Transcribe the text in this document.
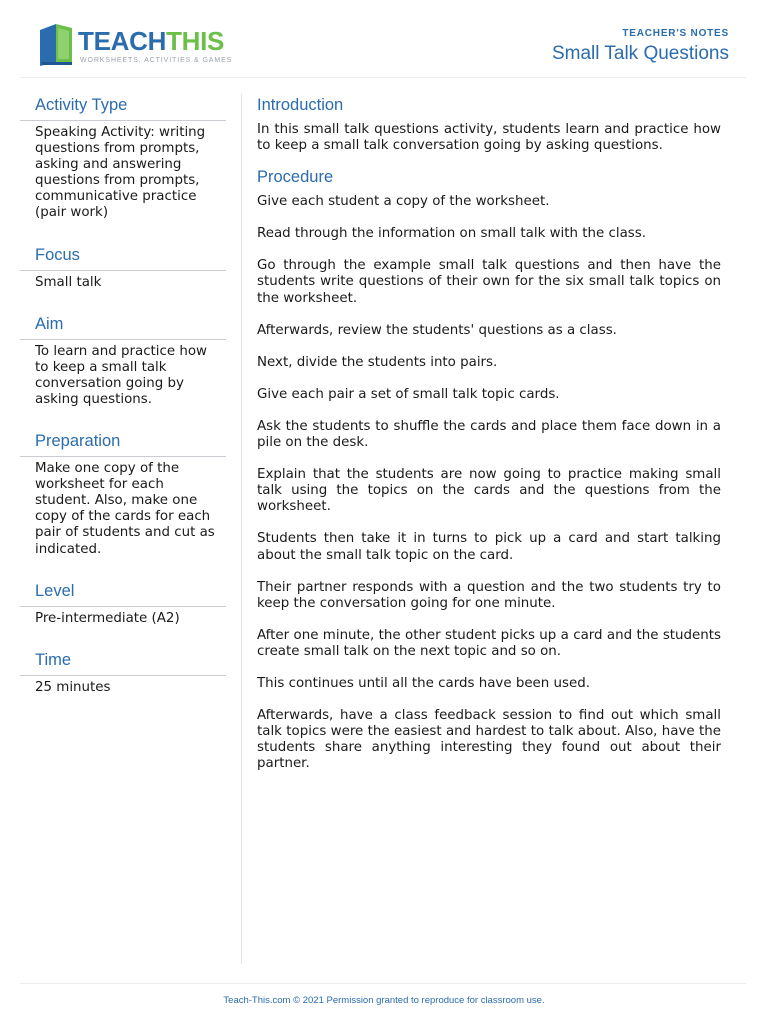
TEACHTHIS
WORKSHEETS, ACTIVITIES & GAMES
TEACHER'S NOTES
Small Talk Questions
Activity Type
Speaking Activity: writing questions from prompts, asking and answering questions from prompts, communicative practice (pair work)
Focus
Small talk
Aim
To learn and practice how to keep a small talk conversation going by asking questions.
Preparation
Make one copy of the worksheet for each student. Also, make one copy of the cards for each pair of students and cut as indicated.
Level
Pre-intermediate (A2)
Time
25 minutes
Introduction

In this small talk questions activity, students learn and practice how to keep a small talk conversation going by asking questions.

Procedure

Give each student a copy of the worksheet.

Read through the information on small talk with the class.

Go through the example small talk questions and then have the students write questions of their own for the six small talk topics on the worksheet.

Afterwards, review the students' questions as a class.

Next, divide the students into pairs.

Give each pair a set of small talk topic cards.

Ask the students to shuffle the cards and place them face down in a pile on the desk.

Explain that the students are now going to practice making small talk using the topics on the cards and the questions from the worksheet.

Students then take it in turns to pick up a card and start talking about the small talk topic on the card.

Their partner responds with a question and the two students try to keep the conversation going for one minute.

After one minute, the other student picks up a card and the students create small talk on the next topic and so on.

This continues until all the cards have been used.

Afterwards, have a class feedback session to find out which small talk topics were the easiest and hardest to talk about. Also, have the students share anything interesting they found out about their partner.

Teach-This.com © 2021 Permission granted to reproduce for classroom use.
